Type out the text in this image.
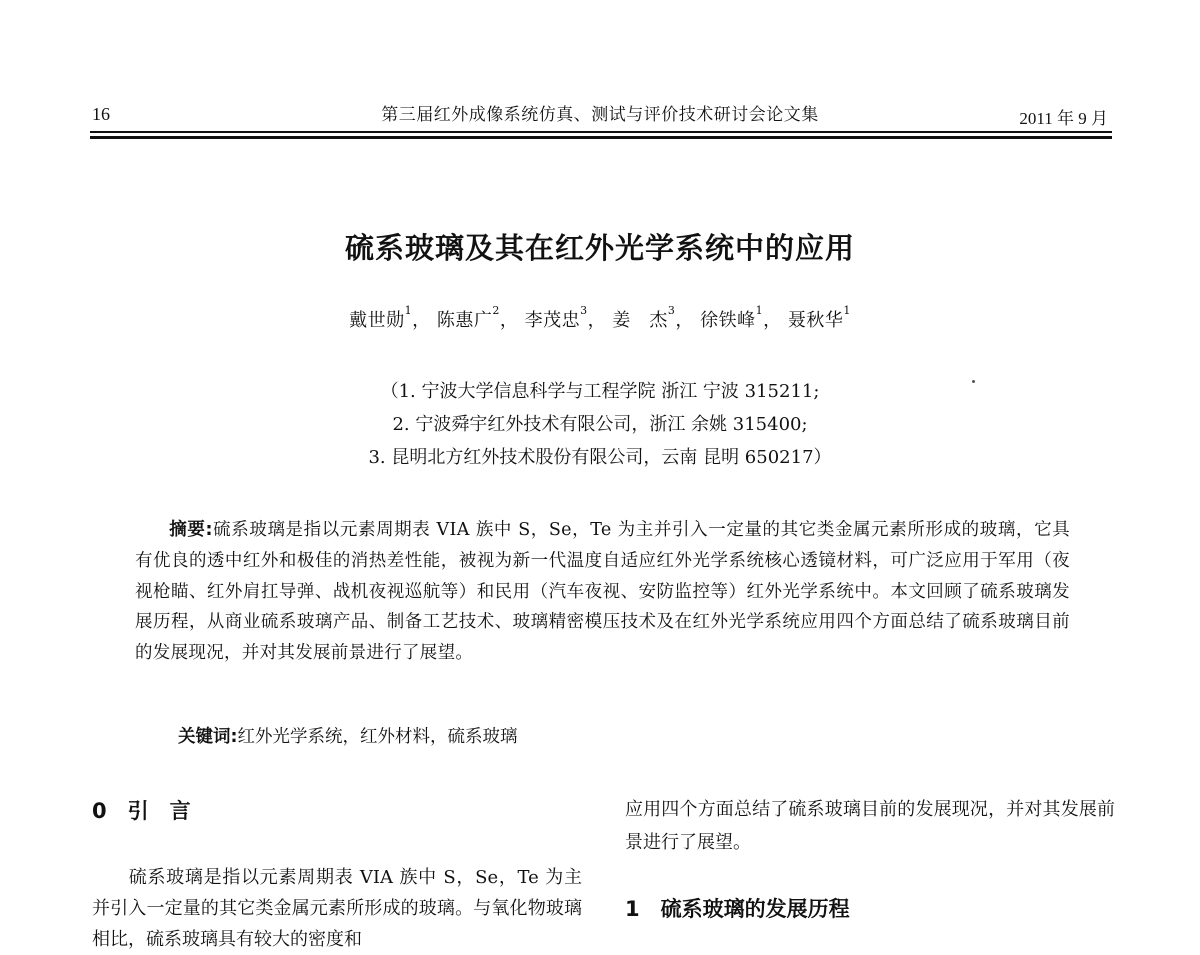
16	第三届红外成像系统仿真、测试与评价技术研讨会论文集	2011 年 9 月
硫系玻璃及其在红外光学系统中的应用
戴世勋$^1$， 陈惠广$^2$， 李茂忠$^3$， 姜　杰$^3$， 徐铁峰$^1$， 聂秋华$^1$
（1. 宁波大学信息科学与工程学院 浙江 宁波 315211;
2. 宁波舜宇红外技术有限公司，浙江 余姚 315400;
3. 昆明北方红外技术股份有限公司，云南 昆明 650217）
摘要:硫系玻璃是指以元素周期表 VIA 族中 S，Se，Te 为主并引入一定量的其它类金属元素所形成的玻璃，它具有优良的透中红外和极佳的消热差性能，被视为新一代温度自适应红外光学系统核心透镜材料，可广泛应用于军用（夜视枪瞄、红外肩扛导弹、战机夜视巡航等）和民用（汽车夜视、安防监控等）红外光学系统中。本文回顾了硫系玻璃发展历程，从商业硫系玻璃产品、制备工艺技术、玻璃精密模压技术及在红外光学系统应用四个方面总结了硫系玻璃目前的发展现况，并对其发展前景进行了展望。
关键词:红外光学系统，红外材料，硫系玻璃
0　引　言
硫系玻璃是指以元素周期表 VIA 族中 S，Se，Te 为主并引入一定量的其它类金属元素所形成的玻璃。与氧化物玻璃相比，硫系玻璃具有较大的密度和
应用四个方面总结了硫系玻璃目前的发展现况，并对其发展前景进行了展望。
1　硫系玻璃的发展历程
